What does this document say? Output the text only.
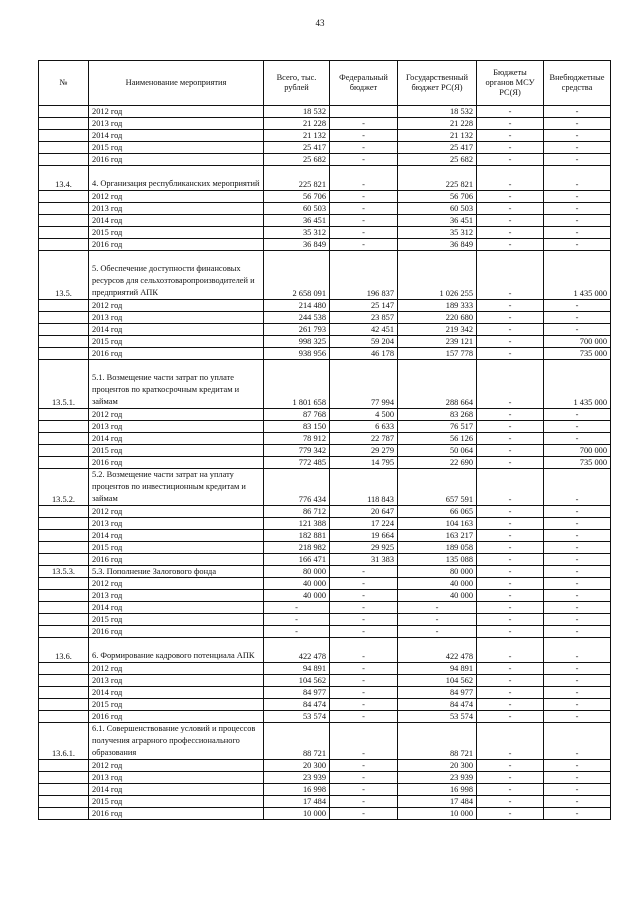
43
№	Наименование мероприятия	Всего, тыс. рублей	Федеральный бюджет	Государственный бюджет РС(Я)	Бюджеты органов МСУ РС(Я)	Внебюджетные средства
	2012 год	18 532		18 532	-	-
	2013 год	21 228	-	21 228	-	-
	2014 год	21 132	-	21 132	-	-
	2015 год	25 417	-	25 417	-	-
	2016 год	25 682	-	25 682	-	-
13.4.	4. Организация республиканских мероприятий	225 821	-	225 821	-	-
	2012 год	56 706	-	56 706	-	-
	2013 год	60 503	-	60 503	-	-
	2014 год	36 451	-	36 451	-	-
	2015 год	35 312	-	35 312	-	-
	2016 год	36 849	-	36 849	-	-
13.5.	5. Обеспечение доступности финансовых ресурсов для сельхозтоваропроизводителей и предприятий АПК	2 658 091	196 837	1 026 255	-	1 435 000
	2012 год	214 480	25 147	189 333	-	-
	2013 год	244 538	23 857	220 680	-	-
	2014 год	261 793	42 451	219 342	-	-
	2015 год	998 325	59 204	239 121	-	700 000
	2016 год	938 956	46 178	157 778	-	735 000
13.5.1.	5.1. Возмещение части затрат по уплате процентов по краткосрочным кредитам и займам	1 801 658	77 994	288 664	-	1 435 000
	2012 год	87 768	4 500	83 268	-	-
	2013 год	83 150	6 633	76 517	-	-
	2014 год	78 912	22 787	56 126	-	-
	2015 год	779 342	29 279	50 064	-	700 000
	2016 год	772 485	14 795	22 690	-	735 000
13.5.2.	5.2. Возмещение части затрат на уплату процентов по инвестиционным кредитам и займам	776 434	118 843	657 591	-	-
	2012 год	86 712	20 647	66 065	-	-
	2013 год	121 388	17 224	104 163	-	-
	2014 год	182 881	19 664	163 217	-	-
	2015 год	218 982	29 925	189 058	-	-
	2016 год	166 471	31 383	135 088	-	-
13.5.3.	5.3. Пополнение Залогового фонда	80 000	-	80 000	-	-
	2012 год	40 000	-	40 000	-	-
	2013 год	40 000	-	40 000	-	-
	2014 год	-	-	-	-	-
	2015 год	-	-	-	-	-
	2016 год	-	-	-	-	-
13.6.	6. Формирование кадрового потенциала АПК	422 478	-	422 478	-	-
	2012 год	94 891	-	94 891	-	-
	2013 год	104 562	-	104 562	-	-
	2014 год	84 977	-	84 977	-	-
	2015 год	84 474	-	84 474	-	-
	2016 год	53 574	-	53 574	-	-
13.6.1.	6.1. Совершенствование условий и процессов получения аграрного профессионального образования	88 721	-	88 721	-	-
	2012 год	20 300	-	20 300	-	-
	2013 год	23 939	-	23 939	-	-
	2014 год	16 998	-	16 998	-	-
	2015 год	17 484	-	17 484	-	-
	2016 год	10 000	-	10 000	-	-
